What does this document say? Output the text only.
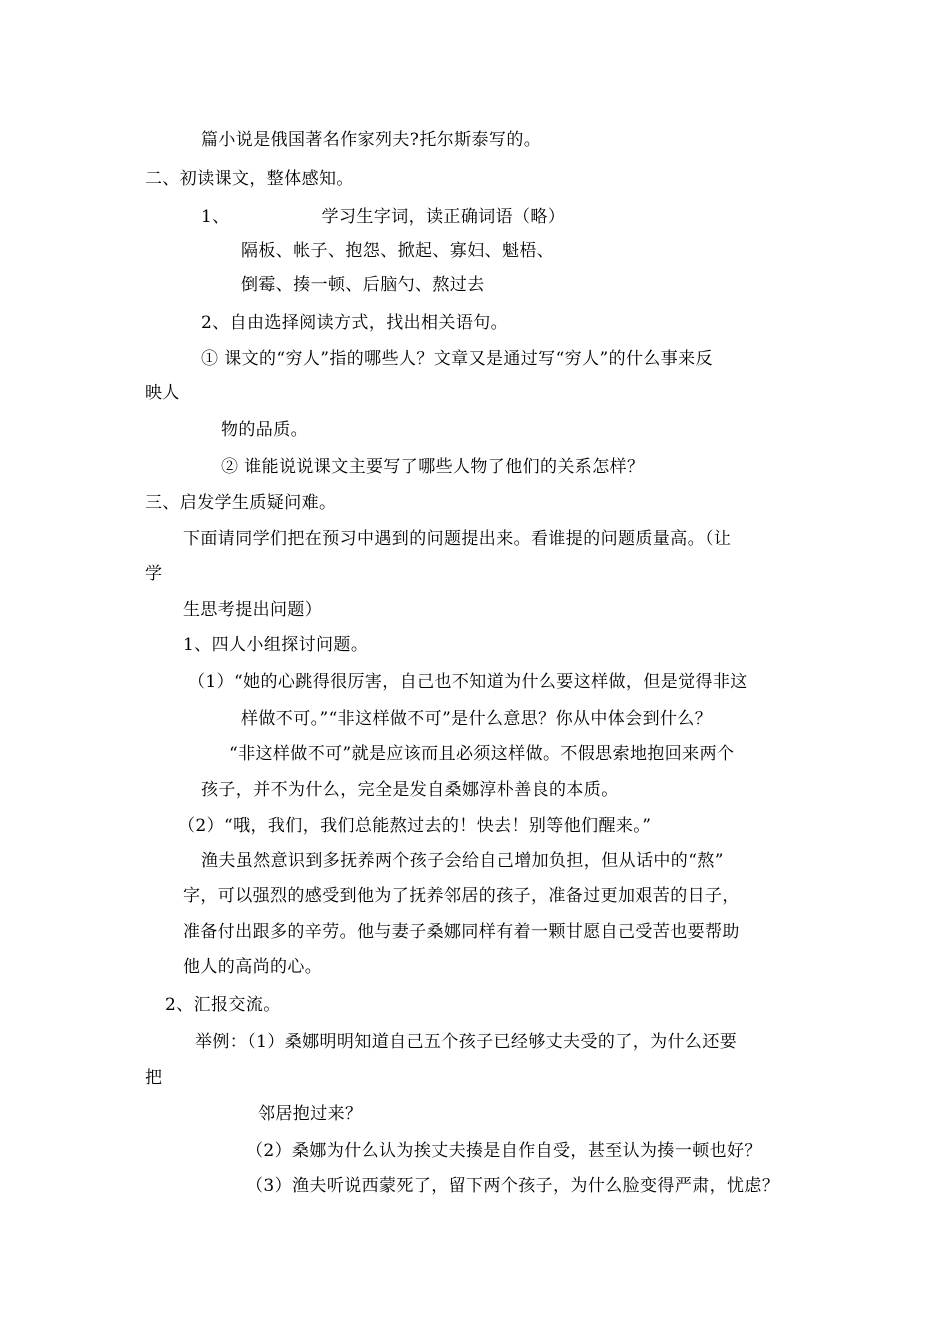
篇小说是俄国著名作家列夫?托尔斯泰写的。
二、初读课文，整体感知。
1、	学习生字词，读正确词语（略）
隔板、帐子、抱怨、掀起、寡妇、魁梧、
倒霉、揍一顿、后脑勺、熬过去
2、自由选择阅读方式，找出相关语句。
① 课文的“穷人”指的哪些人？文章又是通过写“穷人”的什么事来反
映人
物的品质。
② 谁能说说课文主要写了哪些人物了他们的关系怎样？
三、启发学生质疑问难。
下面请同学们把在预习中遇到的问题提出来。看谁提的问题质量高。（让
学
生思考提出问题）
1、四人小组探讨问题。
（1）“她的心跳得很厉害，自己也不知道为什么要这样做，但是觉得非这
样做不可。”“非这样做不可”是什么意思？你从中体会到什么？
“非这样做不可”就是应该而且必须这样做。不假思索地抱回来两个
孩子，并不为什么，完全是发自桑娜淳朴善良的本质。
（2）“哦，我们，我们总能熬过去的！快去！别等他们醒来。”
渔夫虽然意识到多抚养两个孩子会给自己增加负担，但从话中的“熬”
字，可以强烈的感受到他为了抚养邻居的孩子，准备过更加艰苦的日子，
准备付出跟多的辛劳。他与妻子桑娜同样有着一颗甘愿自己受苦也要帮助
他人的高尚的心。
2、汇报交流。
举例：（1）桑娜明明知道自己五个孩子已经够丈夫受的了，为什么还要
把
邻居抱过来？
（2）桑娜为什么认为挨丈夫揍是自作自受，甚至认为揍一顿也好？
（3）渔夫听说西蒙死了，留下两个孩子，为什么脸变得严肃，忧虑？
